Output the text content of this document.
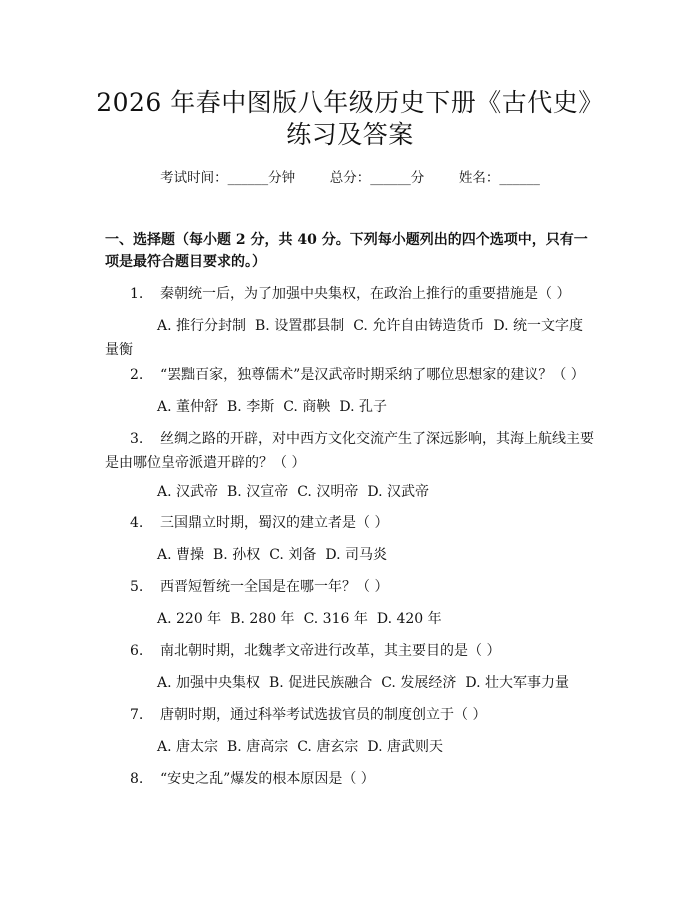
2026 年春中图版八年级历史下册《古代史》
练习及答案
考试时间：______分钟	总分：______分	姓名：______

一、选择题（每小题 2 分，共 40 分。下列每小题列出的四个选项中，只有一项是最符合题目要求的。）

1. 秦朝统一后，为了加强中央集权，在政治上推行的重要措施是（ ）

A. 推行分封制 B. 设置郡县制 C. 允许自由铸造货币 D. 统一文字度量衡

2. “罢黜百家，独尊儒术”是汉武帝时期采纳了哪位思想家的建议？（ ）

A. 董仲舒 B. 李斯 C. 商鞅 D. 孔子

3. 丝绸之路的开辟，对中西方文化交流产生了深远影响，其海上航线主要是由哪位皇帝派遣开辟的？（ ）

A. 汉武帝 B. 汉宣帝 C. 汉明帝 D. 汉武帝

4. 三国鼎立时期，蜀汉的建立者是（ ）

A. 曹操 B. 孙权 C. 刘备 D. 司马炎

5. 西晋短暂统一全国是在哪一年？（ ）

A. 220 年 B. 280 年 C. 316 年 D. 420 年

6. 南北朝时期，北魏孝文帝进行改革，其主要目的是（ ）

A. 加强中央集权 B. 促进民族融合 C. 发展经济 D. 壮大军事力量

7. 唐朝时期，通过科举考试选拔官员的制度创立于（ ）

A. 唐太宗 B. 唐高宗 C. 唐玄宗 D. 唐武则天

8. “安史之乱”爆发的根本原因是（ ）
